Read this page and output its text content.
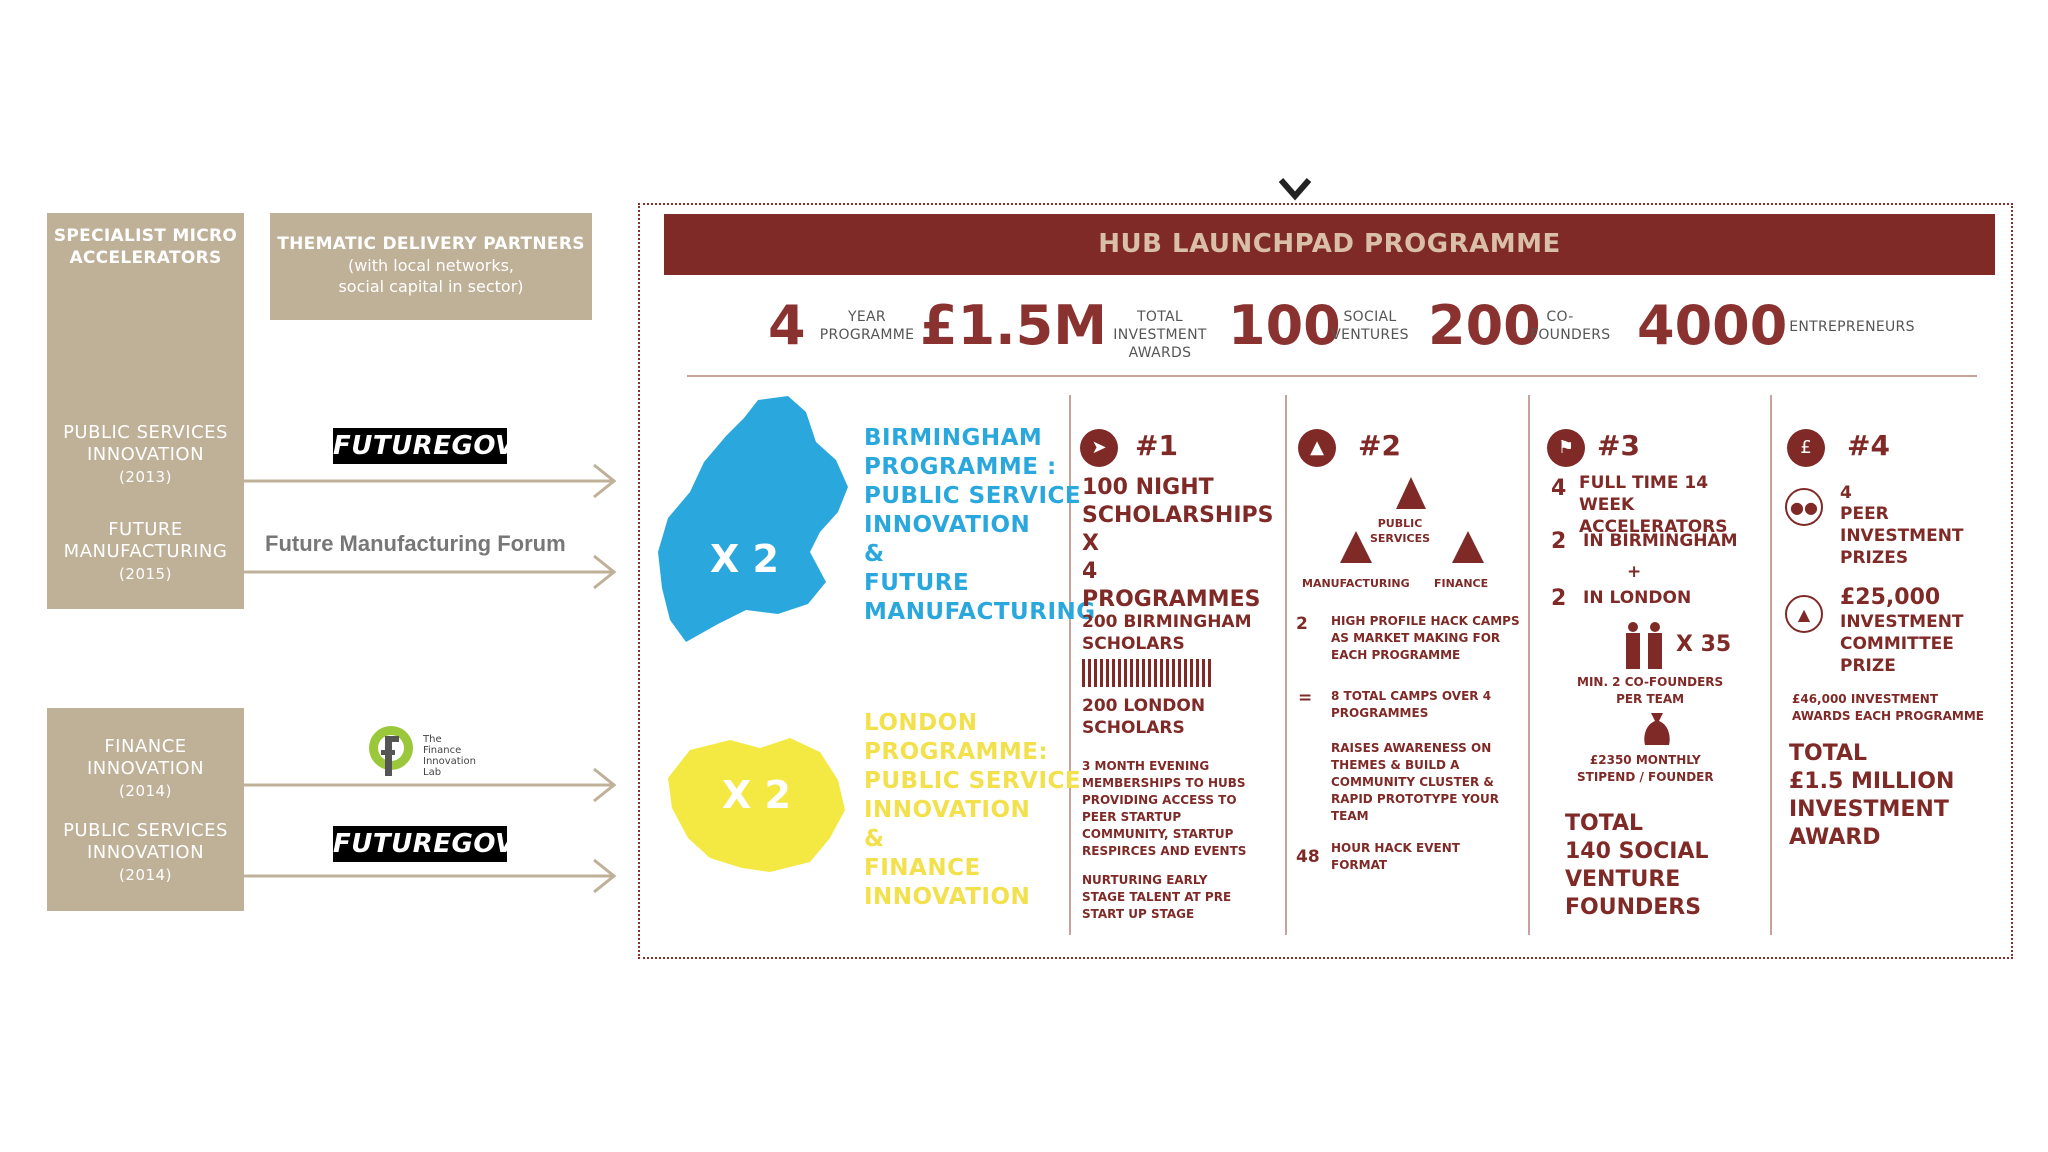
SPECIALIST MICRO
ACCELERATORS
PUBLIC SERVICES
INNOVATION
(2013)
FUTURE
MANUFACTURING
(2015)
THEMATIC DELIVERY PARTNERS
(with local networks,
social capital in sector)
FINANCE
INNOVATION
(2014)
PUBLIC SERVICES
INNOVATION
(2014)
FUTUREGOV
Future Manufacturing Forum
The
Finance
Innovation
Lab
FUTUREGOV
HUB LAUNCHPAD PROGRAMME
4	YEAR
PROGRAMME £1.5M	TOTAL
INVESTMENT
AWARDS 100 SOCIAL
VENTURES 200 CO-
FOUNDERS 4000 ENTREPRENEURS
X 2
X 2
BIRMINGHAM
PROGRAMME :
PUBLIC SERVICE
INNOVATION
&
FUTURE
MANUFACTURING
LONDON
PROGRAMME:
PUBLIC SERVICE
INNOVATION
&
FINANCE
INNOVATION
➤	#1
100 NIGHT
SCHOLARSHIPS
X
4 PROGRAMMES
200 BIRMINGHAM
SCHOLARS
200 LONDON
SCHOLARS
3 MONTH EVENING
MEMBERSHIPS TO HUBS
PROVIDING ACCESS TO
PEER STARTUP
COMMUNITY, STARTUP
RESPIRCES AND EVENTS
NURTURING EARLY
STAGE TALENT AT PRE
START UP STAGE
▲	#2
PUBLIC
SERVICES
MANUFACTURING FINANCE
2 HIGH PROFILE HACK CAMPS
AS MARKET MAKING FOR
EACH PROGRAMME
= 8 TOTAL CAMPS OVER 4
PROGRAMMES
RAISES AWARENESS ON
THEMES & BUILD A
COMMUNITY CLUSTER &
RAPID PROTOTYPE YOUR
TEAM
48 HOUR HACK EVENT
FORMAT
⚑ #3
4 FULL TIME 14 WEEK
ACCELERATORS
2 IN BIRMINGHAM
+
2 IN LONDON
X 35
MIN. 2 CO-FOUNDERS
PER TEAM
£2350 MONTHLY
STIPEND / FOUNDER
TOTAL
140 SOCIAL
VENTURE
FOUNDERS
£	#4
●●
4
PEER
INVESTMENT
PRIZES
▲
£25,000
INVESTMENT
COMMITTEE
PRIZE
£46,000 INVESTMENT
AWARDS EACH PROGRAMME
TOTAL
£1.5 MILLION
INVESTMENT
AWARD
